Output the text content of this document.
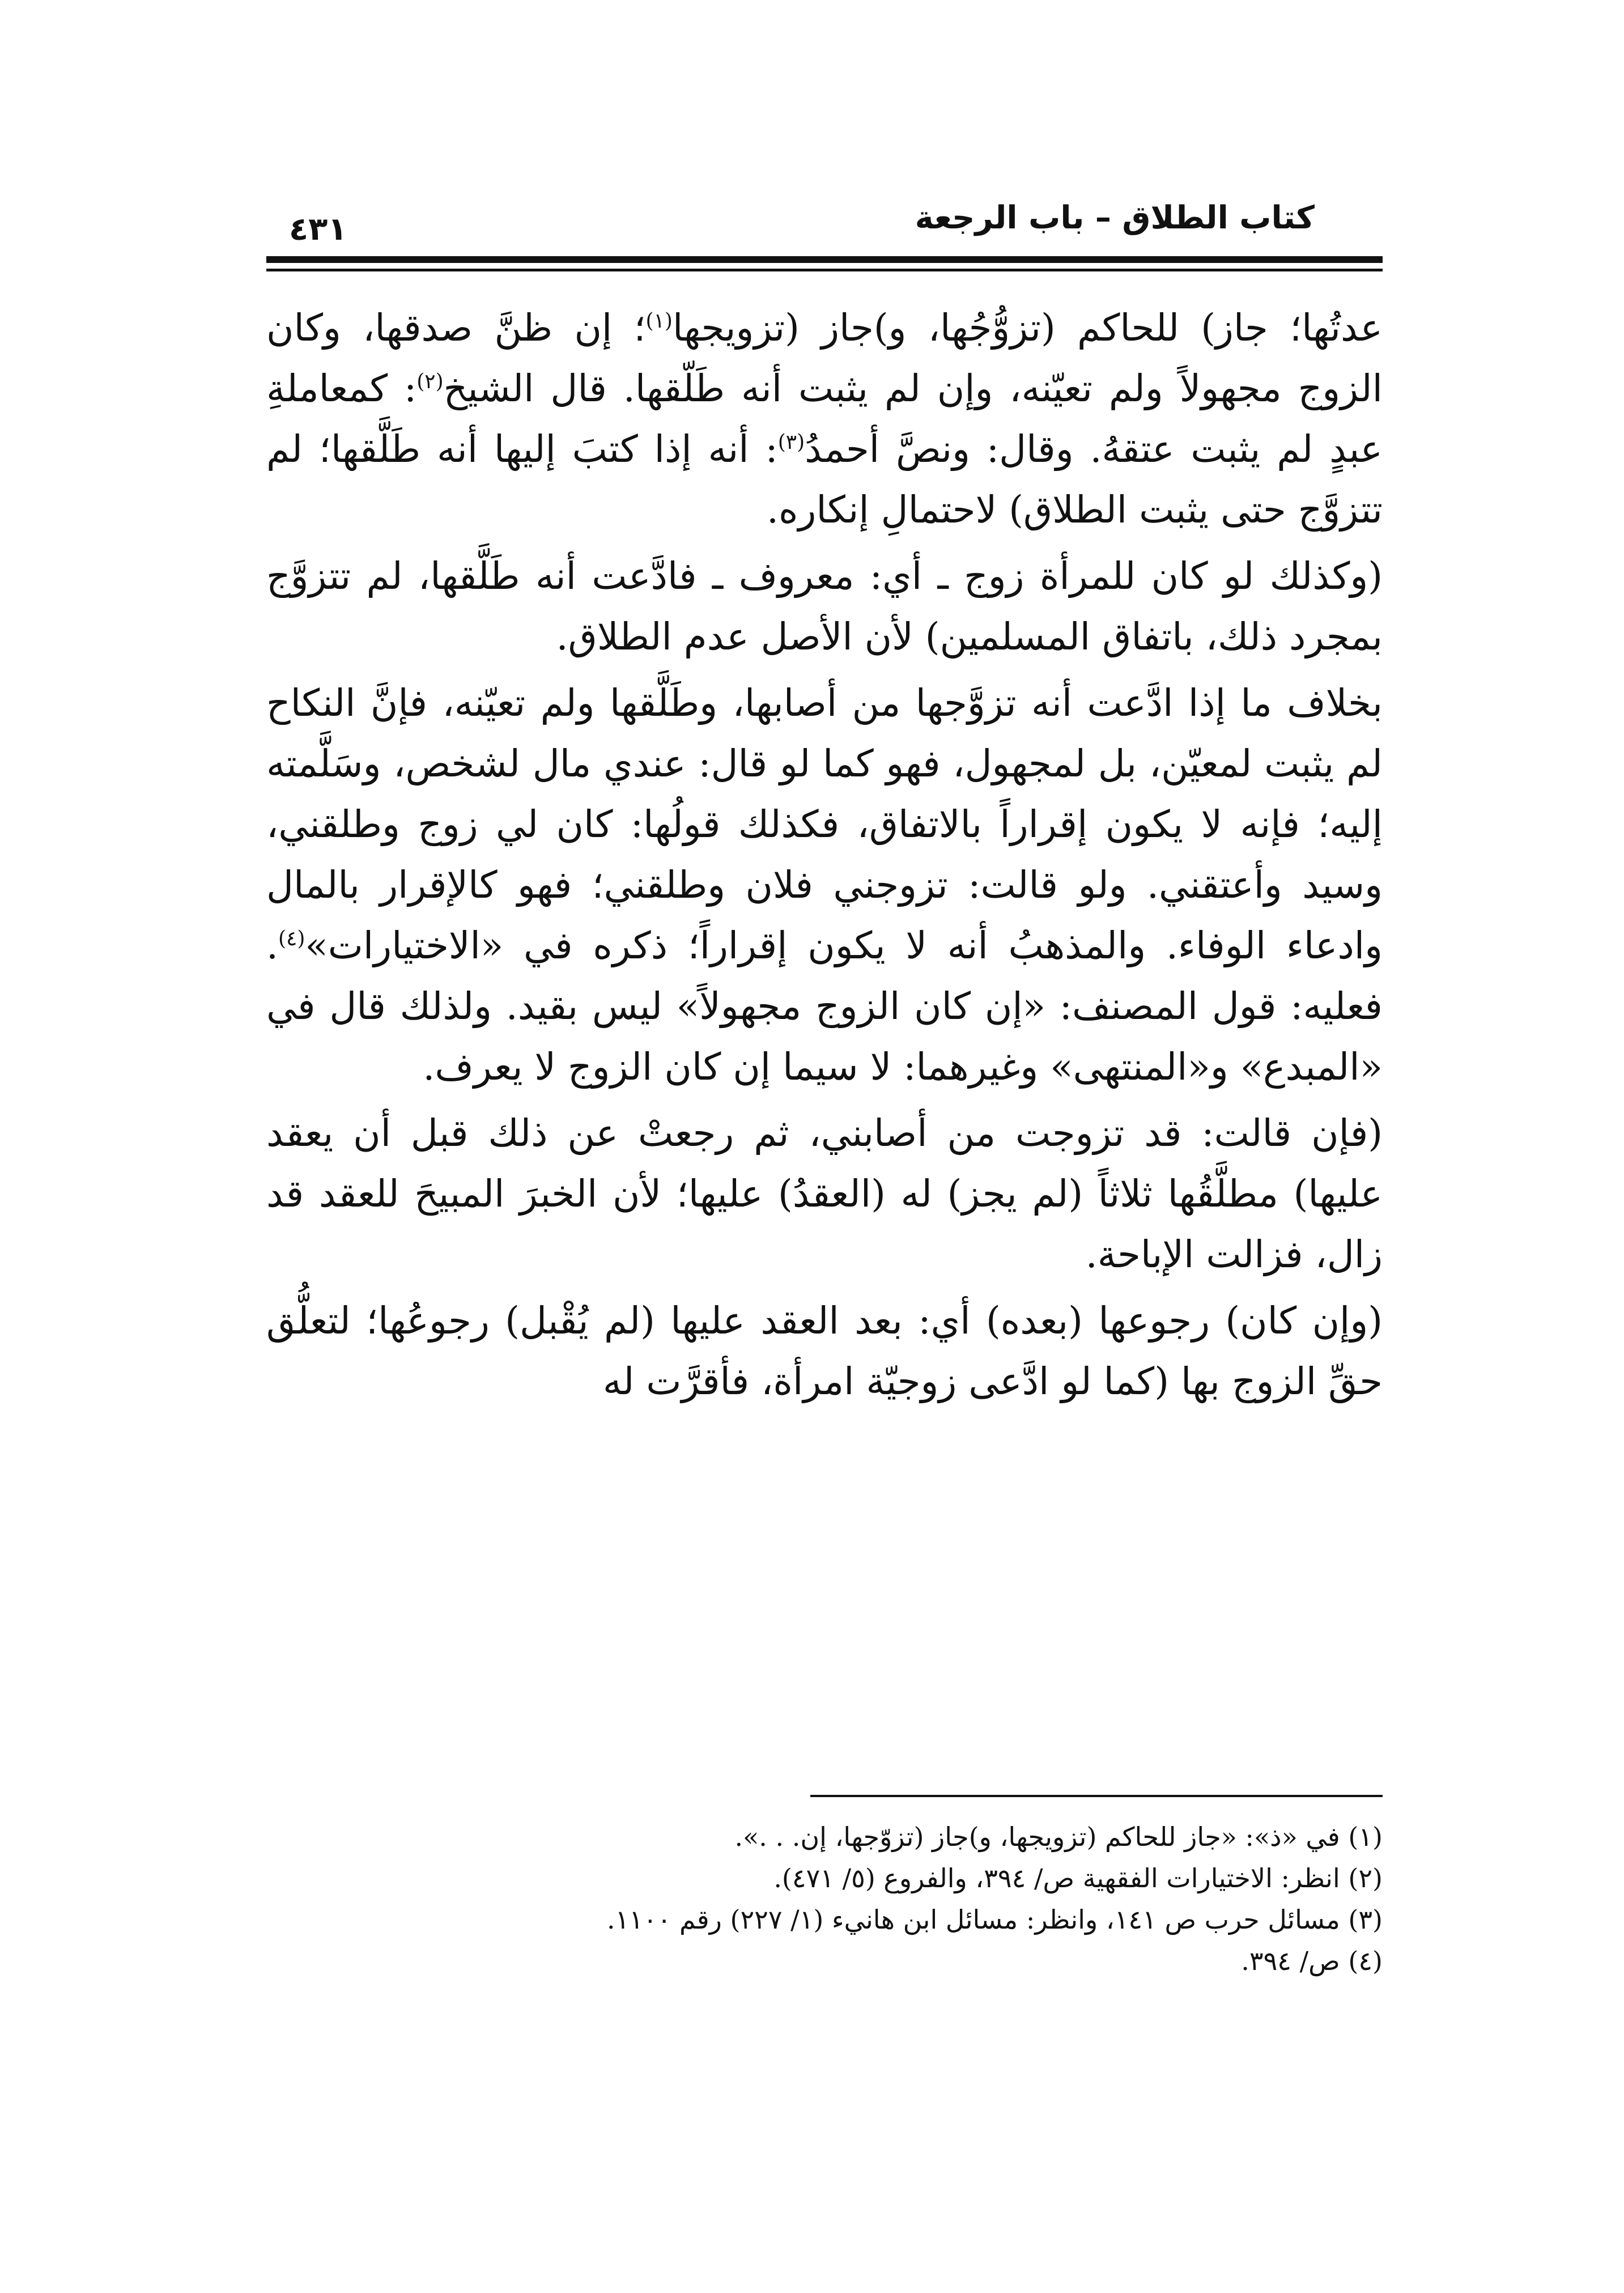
كتاب الطلاق – باب الرجعة
٤٣١

عدتُها؛ جاز) للحاكم (تزوُّجُها، و)جاز (تزويجها$^{(١)}$؛ إن ظنَّ صدقها، وكان الزوج مجهولاً ولم تعيّنه، وإن لم يثبت أنه طَلّقها. قال الشيخ$^{(٢)}$: كمعاملةِ عبدٍ لم يثبت عتقهُ. وقال: ونصَّ أحمدُ$^{(٣)}$: أنه إذا كتبَ إليها أنه طَلَّقها؛ لم تتزوَّج حتى يثبت الطلاق) لاحتمالِ إنكاره.

(وكذلك لو كان للمرأة زوج ـ أي: معروف ـ فادَّعت أنه طَلَّقها، لم تتزوَّج بمجرد ذلك، باتفاق المسلمين) لأن الأصل عدم الطلاق.

بخلاف ما إذا ادَّعت أنه تزوَّجها من أصابها، وطَلَّقها ولم تعيّنه، فإنَّ النكاح لم يثبت لمعيّن، بل لمجهول، فهو كما لو قال: عندي مال لشخص، وسَلَّمته إليه؛ فإنه لا يكون إقراراً بالاتفاق، فكذلك قولُها: كان لي زوج وطلقني، وسيد وأعتقني. ولو قالت: تزوجني فلان وطلقني؛ فهو كالإقرار بالمال وادعاء الوفاء. والمذهبُ أنه لا يكون إقراراً؛ ذكره في «الاختيارات»$^{(٤)}$. فعليه: قول المصنف: «إن كان الزوج مجهولاً» ليس بقيد. ولذلك قال في «المبدع» و«المنتهى» وغيرهما: لا سيما إن كان الزوج لا يعرف.

(فإن قالت: قد تزوجت من أصابني، ثم رجعتْ عن ذلك قبل أن يعقد عليها) مطلَّقُها ثلاثاً (لم يجز) له (العقدُ) عليها؛ لأن الخبرَ المبيحَ للعقد قد زال، فزالت الإباحة.

(وإن كان) رجوعها (بعده) أي: بعد العقد عليها (لم يُقْبل) رجوعُها؛ لتعلُّق حقِّ الزوج بها (كما لو ادَّعى زوجيّة امرأة، فأقرَّت له

(١) في «ذ»: «جاز للحاكم (تزويجها، و)جاز (تزوّجها، إن. . .».

(٢) انظر: الاختيارات الفقهية ص/ ٣٩٤، والفروع (٥/ ٤٧١).

(٣) مسائل حرب ص ١٤١، وانظر: مسائل ابن هانيء (١/ ٢٢٧) رقم ١١٠٠.

(٤) ص/ ٣٩٤.
